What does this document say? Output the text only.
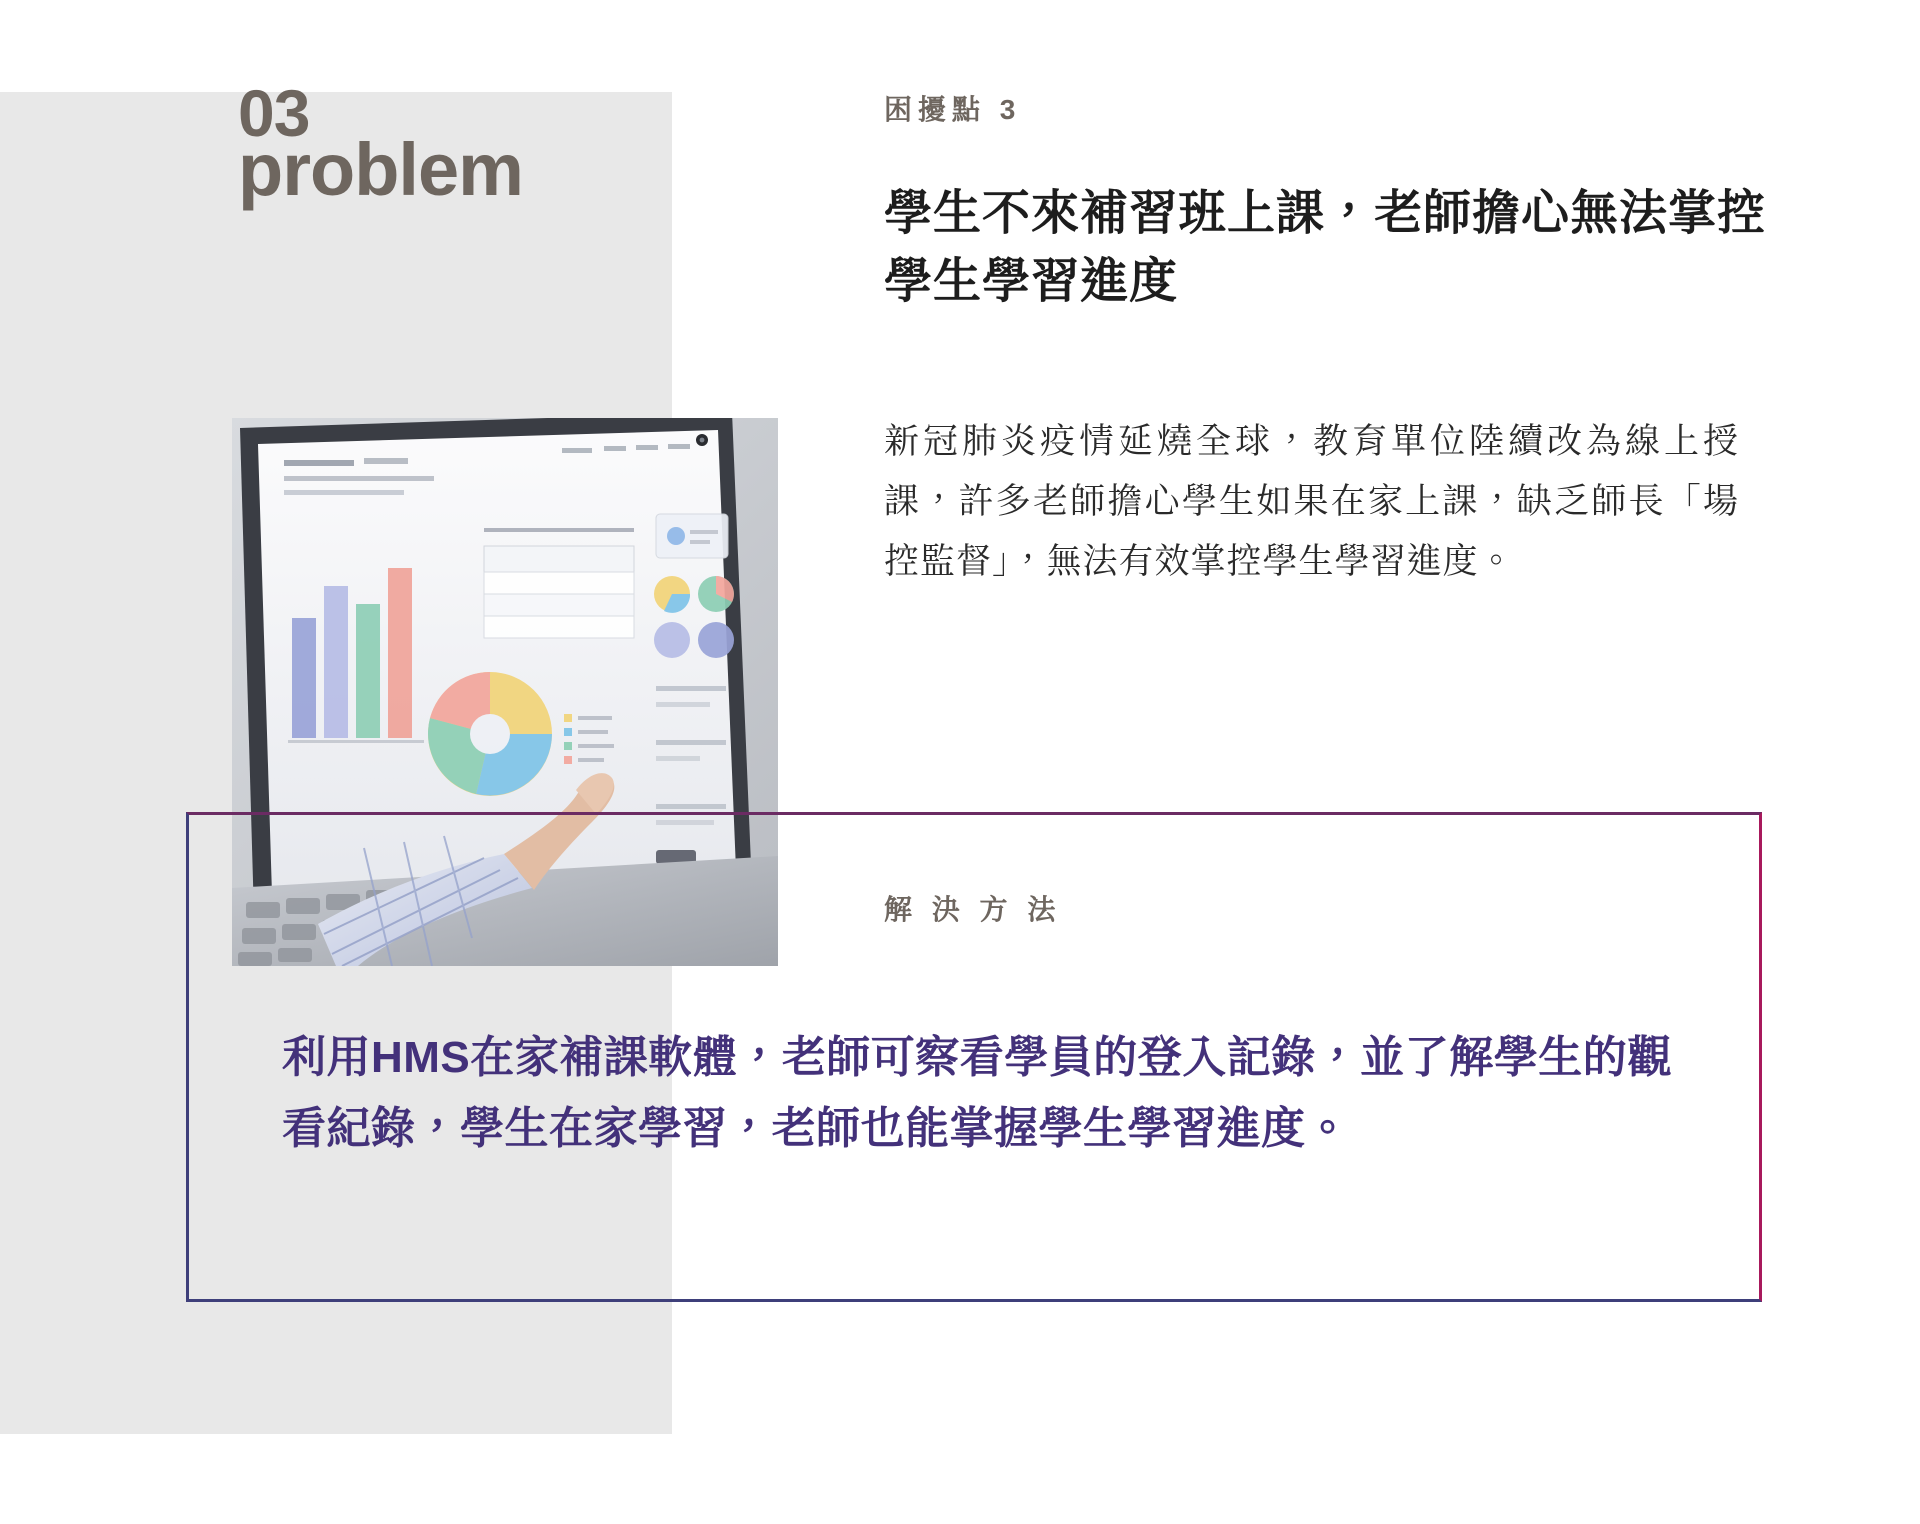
03
problem
困擾點 3
學生不來補習班上課，老師擔心無法掌控學生學習進度
新冠肺炎疫情延燒全球，教育單位陸續改為線上授課，許多老師擔心學生如果在家上課，缺乏師長「場控監督」，無法有效掌控學生學習進度。
解 決 方 法
利用HMS在家補課軟體，老師可察看學員的登入記錄，並了解學生的觀看紀錄，學生在家學習，老師也能掌握學生學習進度。
